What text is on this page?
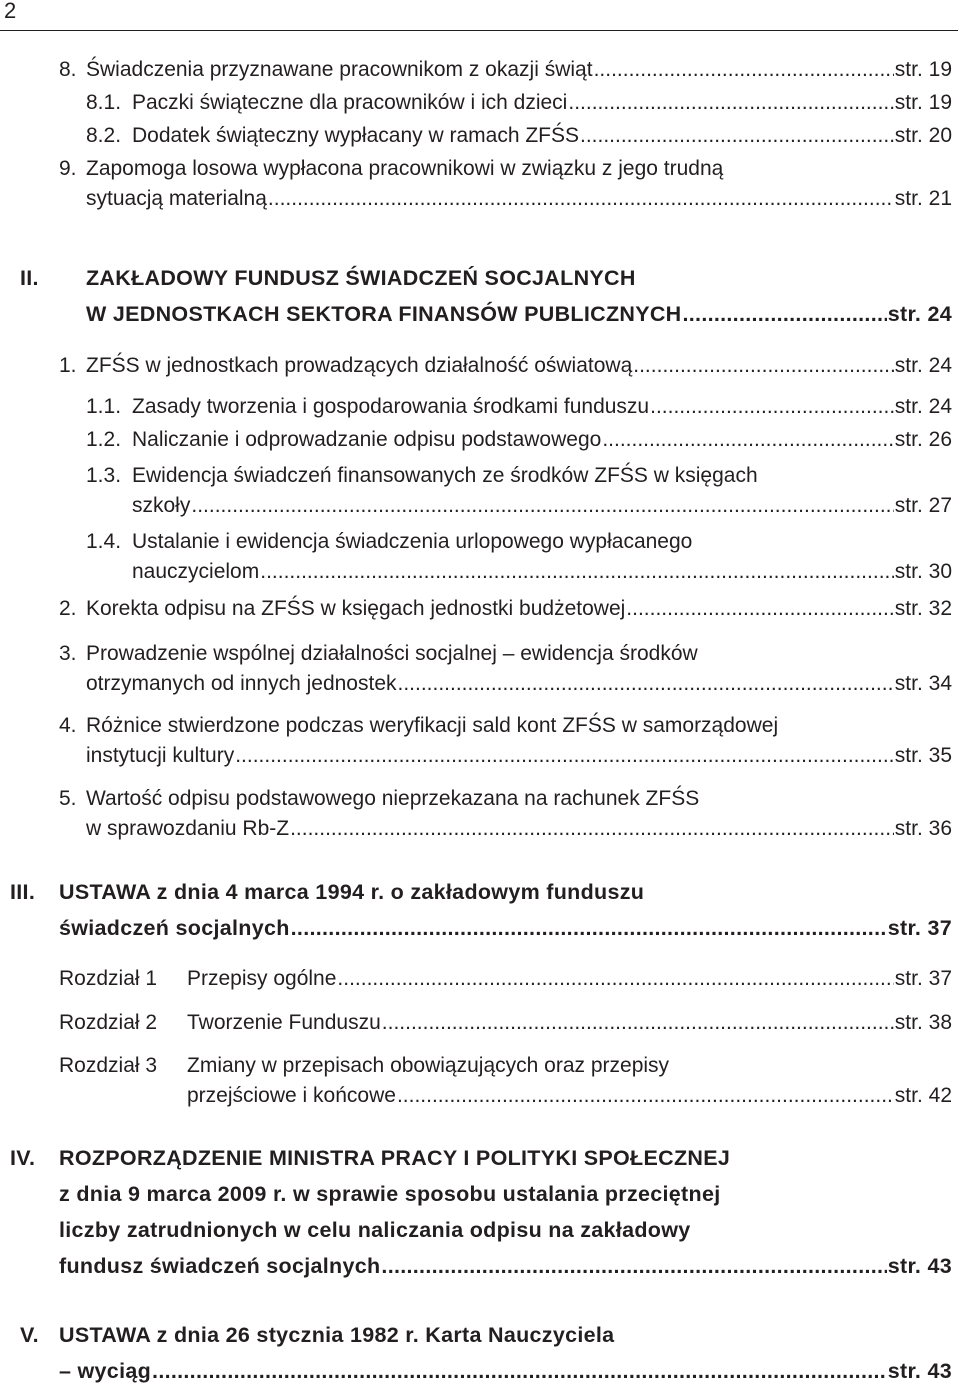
2
8. Świadczenia przyznawane pracownikom z okazji świąt .....	str. 19
8.1. Paczki świąteczne dla pracowników i ich dzieci .....	str. 19
8.2. Dodatek świąteczny wypłacany w ramach ZFŚS .....	str. 20
9. Zapomoga losowa wypłacona pracownikowi w związku z jego trudną
sytuacją materialną .....	str. 21
II. ZAKŁADOWY FUNDUSZ ŚWIADCZEŃ SOCJALNYCH
W JEDNOSTKACH SEKTORA FINANSÓW PUBLICZNYCH .....	str. 24
1. ZFŚS w jednostkach prowadzących działalność oświatową .....	str. 24
1.1. Zasady tworzenia i gospodarowania środkami funduszu .....	str. 24
1.2. Naliczanie i odprowadzanie odpisu podstawowego .....	str. 26
1.3. Ewidencja świadczeń finansowanych ze środków ZFŚS w księgach
szkoły .....	str. 27
1.4. Ustalanie i ewidencja świadczenia urlopowego wypłacanego
nauczycielom .....	str. 30
2. Korekta odpisu na ZFŚS w księgach jednostki budżetowej .....	str. 32
3. Prowadzenie wspólnej działalności socjalnej – ewidencja środków
otrzymanych od innych jednostek .....	str. 34
4. Różnice stwierdzone podczas weryfikacji sald kont ZFŚS w samorządowej
instytucji kultury .....	str. 35
5. Wartość odpisu podstawowego nieprzekazana na rachunek ZFŚS
w sprawozdaniu Rb-Z .....	str. 36
III. USTAWA z dnia 4 marca 1994 r. o zakładowym funduszu
świadczeń socjalnych .....	str. 37
Rozdział 1 Przepisy ogólne .....	str. 37
Rozdział 2 Tworzenie Funduszu .....	str. 38
Rozdział 3 Zmiany w przepisach obowiązujących oraz przepisy
przejściowe i końcowe .....	str. 42
IV. ROZPORZĄDZENIE MINISTRA PRACY I POLITYKI SPOŁECZNEJ
z dnia 9 marca 2009 r. w sprawie sposobu ustalania przeciętnej
liczby zatrudnionych w celu naliczania odpisu na zakładowy
fundusz świadczeń socjalnych .....	str. 43
V. USTAWA z dnia 26 stycznia 1982 r. Karta Nauczyciela
– wyciąg .....	str. 43
